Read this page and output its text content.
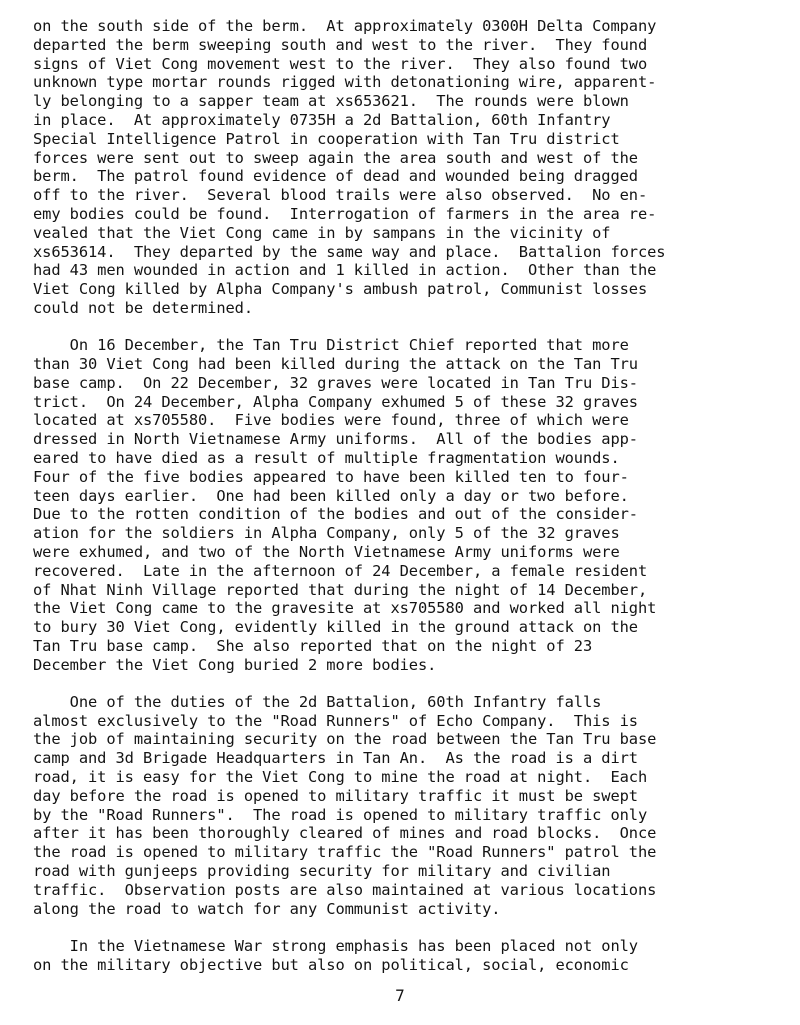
on the south side of the berm.  At approximately 0300H Delta Company
departed the berm sweeping south and west to the river.  They found
signs of Viet Cong movement west to the river.  They also found two
unknown type mortar rounds rigged with detonationing wire, apparent-
ly belonging to a sapper team at xs653621.  The rounds were blown
in place.  At approximately 0735H a 2d Battalion, 60th Infantry
Special Intelligence Patrol in cooperation with Tan Tru district
forces were sent out to sweep again the area south and west of the
berm.  The patrol found evidence of dead and wounded being dragged
off to the river.  Several blood trails were also observed.  No en-
emy bodies could be found.  Interrogation of farmers in the area re-
vealed that the Viet Cong came in by sampans in the vicinity of
xs653614.  They departed by the same way and place.  Battalion forces
had 43 men wounded in action and 1 killed in action.  Other than the
Viet Cong killed by Alpha Company's ambush patrol, Communist losses
could not be determined.
On 16 December, the Tan Tru District Chief reported that more
than 30 Viet Cong had been killed during the attack on the Tan Tru
base camp.  On 22 December, 32 graves were located in Tan Tru Dis-
trict.  On 24 December, Alpha Company exhumed 5 of these 32 graves
located at xs705580.  Five bodies were found, three of which were
dressed in North Vietnamese Army uniforms.  All of the bodies app-
eared to have died as a result of multiple fragmentation wounds.
Four of the five bodies appeared to have been killed ten to four-
teen days earlier.  One had been killed only a day or two before.
Due to the rotten condition of the bodies and out of the consider-
ation for the soldiers in Alpha Company, only 5 of the 32 graves
were exhumed, and two of the North Vietnamese Army uniforms were
recovered.  Late in the afternoon of 24 December, a female resident
of Nhat Ninh Village reported that during the night of 14 December,
the Viet Cong came to the gravesite at xs705580 and worked all night
to bury 30 Viet Cong, evidently killed in the ground attack on the
Tan Tru base camp.  She also reported that on the night of 23
December the Viet Cong buried 2 more bodies.
One of the duties of the 2d Battalion, 60th Infantry falls
almost exclusively to the "Road Runners" of Echo Company.  This is
the job of maintaining security on the road between the Tan Tru base
camp and 3d Brigade Headquarters in Tan An.  As the road is a dirt
road, it is easy for the Viet Cong to mine the road at night.  Each
day before the road is opened to military traffic it must be swept
by the "Road Runners".  The road is opened to military traffic only
after it has been thoroughly cleared of mines and road blocks.  Once
the road is opened to military traffic the "Road Runners" patrol the
road with gunjeeps providing security for military and civilian
traffic.  Observation posts are also maintained at various locations
along the road to watch for any Communist activity.
In the Vietnamese War strong emphasis has been placed not only
on the military objective but also on political, social, economic
7
